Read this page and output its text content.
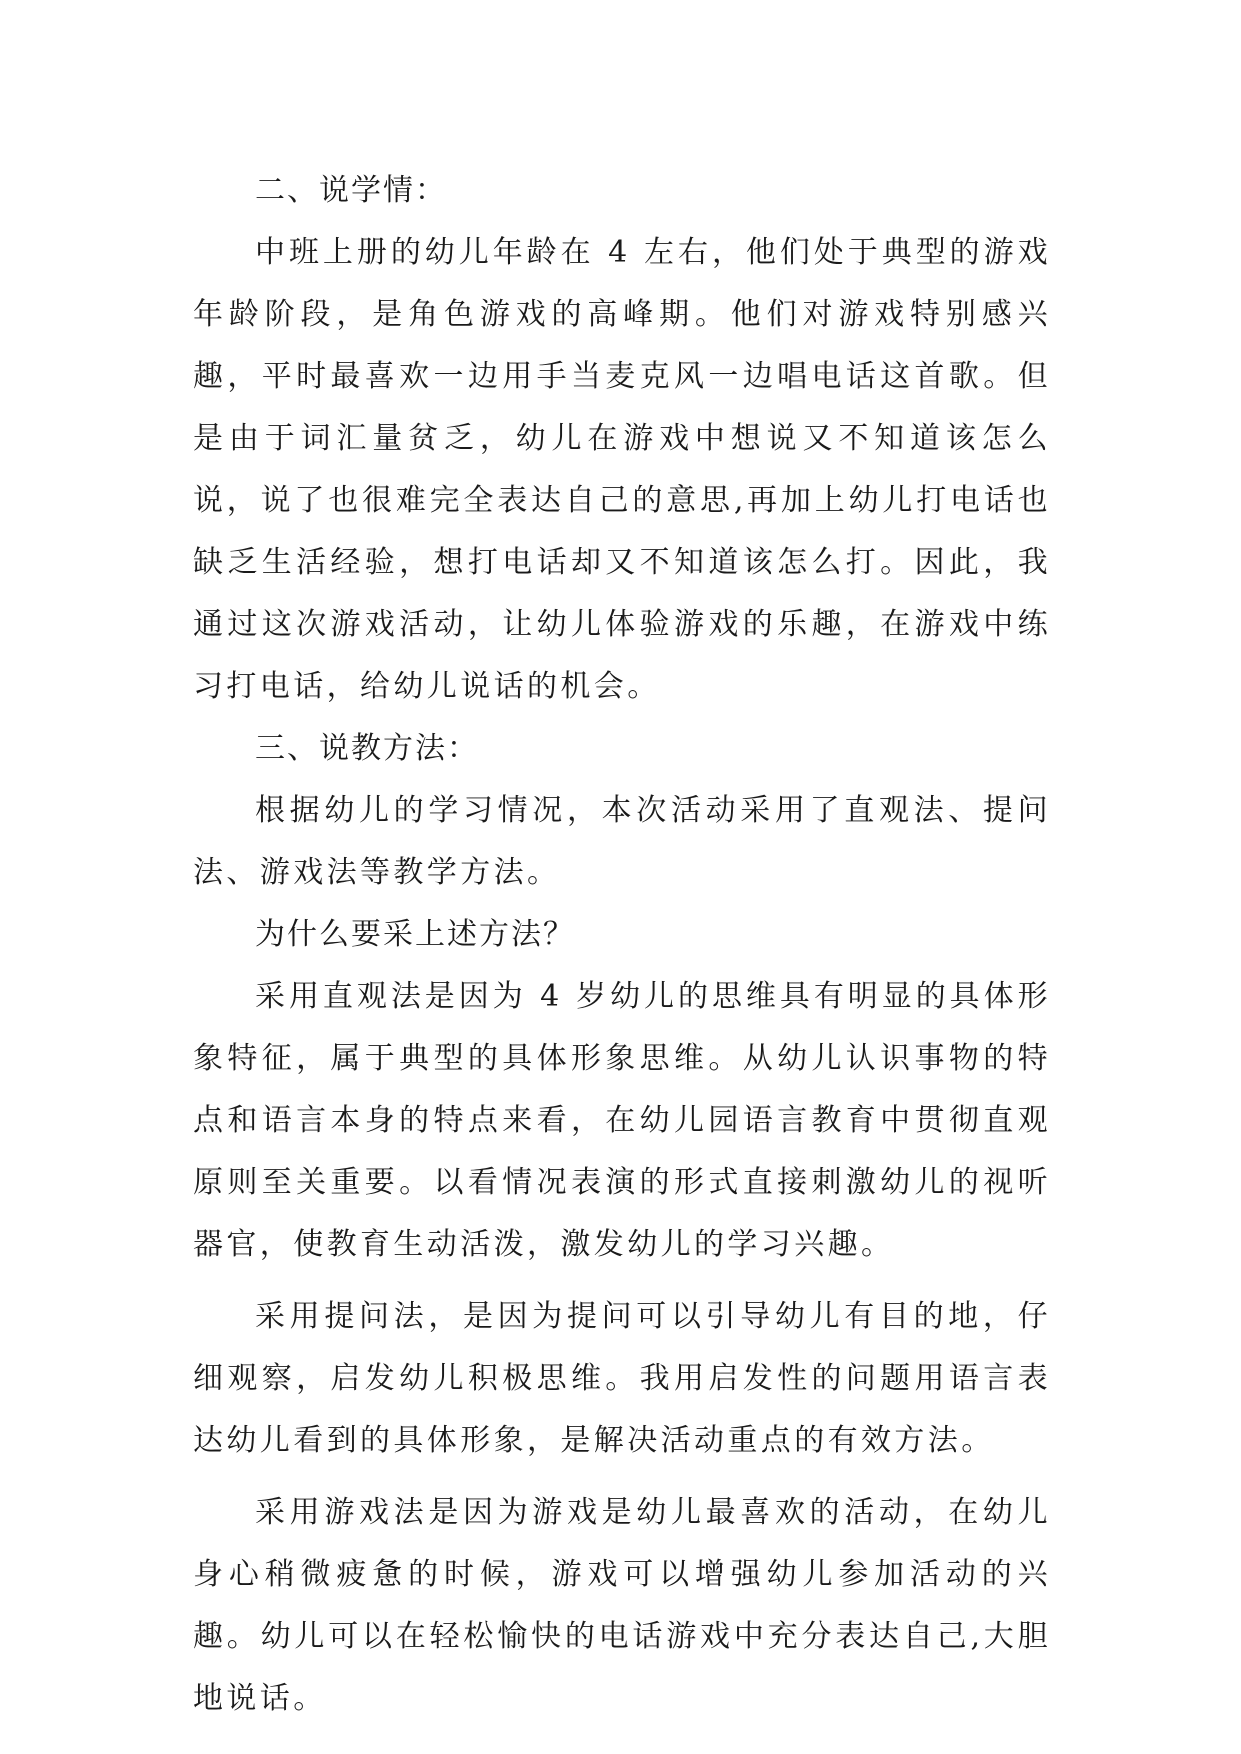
二、说学情：

中班上册的幼儿年龄在 4 左右，他们处于典型的游戏年龄阶段，是角色游戏的高峰期。他们对游戏特别感兴趣，平时最喜欢一边用手当麦克风一边唱电话这首歌。但是由于词汇量贫乏，幼儿在游戏中想说又不知道该怎么说，说了也很难完全表达自己的意思,再加上幼儿打电话也缺乏生活经验，想打电话却又不知道该怎么打。因此，我通过这次游戏活动，让幼儿体验游戏的乐趣，在游戏中练习打电话，给幼儿说话的机会。

三、说教方法：

根据幼儿的学习情况，本次活动采用了直观法、提问法、游戏法等教学方法。

为什么要采上述方法？

采用直观法是因为 4 岁幼儿的思维具有明显的具体形象特征，属于典型的具体形象思维。从幼儿认识事物的特点和语言本身的特点来看，在幼儿园语言教育中贯彻直观原则至关重要。以看情况表演的形式直接刺激幼儿的视听器官，使教育生动活泼，激发幼儿的学习兴趣。

采用提问法，是因为提问可以引导幼儿有目的地，仔细观察，启发幼儿积极思维。我用启发性的问题用语言表达幼儿看到的具体形象，是解决活动重点的有效方法。

采用游戏法是因为游戏是幼儿最喜欢的活动，在幼儿身心稍微疲惫的时候，游戏可以增强幼儿参加活动的兴趣。幼儿可以在轻松愉快的电话游戏中充分表达自己,大胆地说话。
